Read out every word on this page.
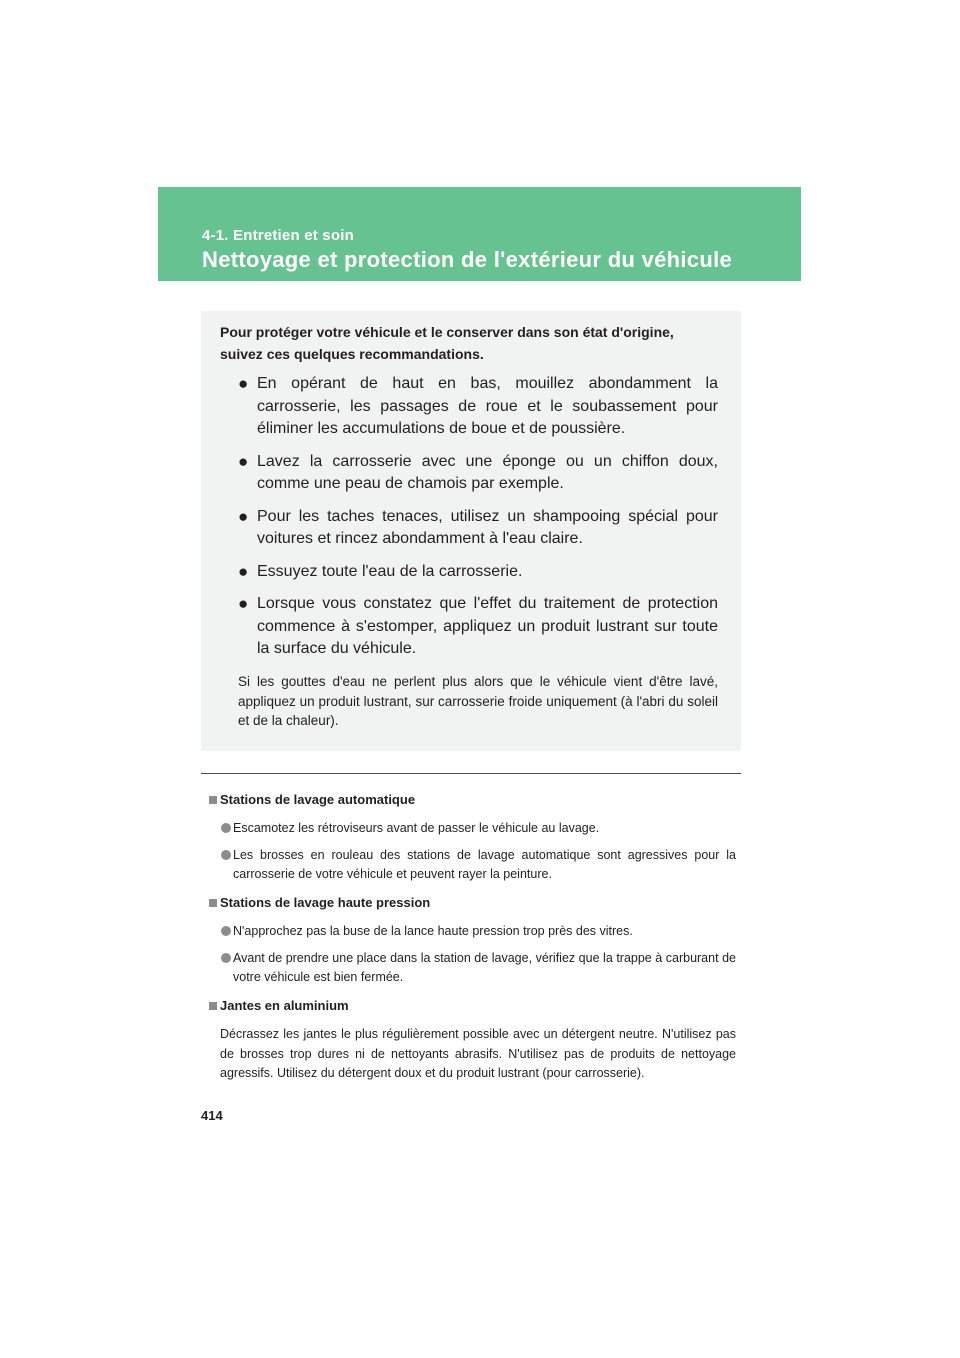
4-1. Entretien et soin
Nettoyage et protection de l'extérieur du véhicule

Pour protéger votre véhicule et le conserver dans son état d'origine, suivez ces quelques recommandations.

● En opérant de haut en bas, mouillez abondamment la carrosserie, les passages de roue et le soubassement pour éliminer les accumulations de boue et de poussière.
● Lavez la carrosserie avec une éponge ou un chiffon doux, comme une peau de chamois par exemple.
● Pour les taches tenaces, utilisez un shampooing spécial pour voitures et rincez abondamment à l'eau claire.
● Essuyez toute l'eau de la carrosserie.
● Lorsque vous constatez que l'effet du traitement de protection commence à s'estomper, appliquez un produit lustrant sur toute la surface du véhicule.

Si les gouttes d'eau ne perlent plus alors que le véhicule vient d'être lavé, appliquez un produit lustrant, sur carrosserie froide uniquement (à l'abri du soleil et de la chaleur).

Stations de lavage automatique
Escamotez les rétroviseurs avant de passer le véhicule au lavage.
Les brosses en rouleau des stations de lavage automatique sont agressives pour la carrosserie de votre véhicule et peuvent rayer la peinture.
Stations de lavage haute pression
N'approchez pas la buse de la lance haute pression trop près des vitres.
Avant de prendre une place dans la station de lavage, vérifiez que la trappe à carburant de votre véhicule est bien fermée.
Jantes en aluminium

Décrassez les jantes le plus régulièrement possible avec un détergent neutre. N'utilisez pas de brosses trop dures ni de nettoyants abrasifs. N'utilisez pas de produits de nettoyage agressifs. Utilisez du détergent doux et du produit lustrant (pour carrosserie).

414
